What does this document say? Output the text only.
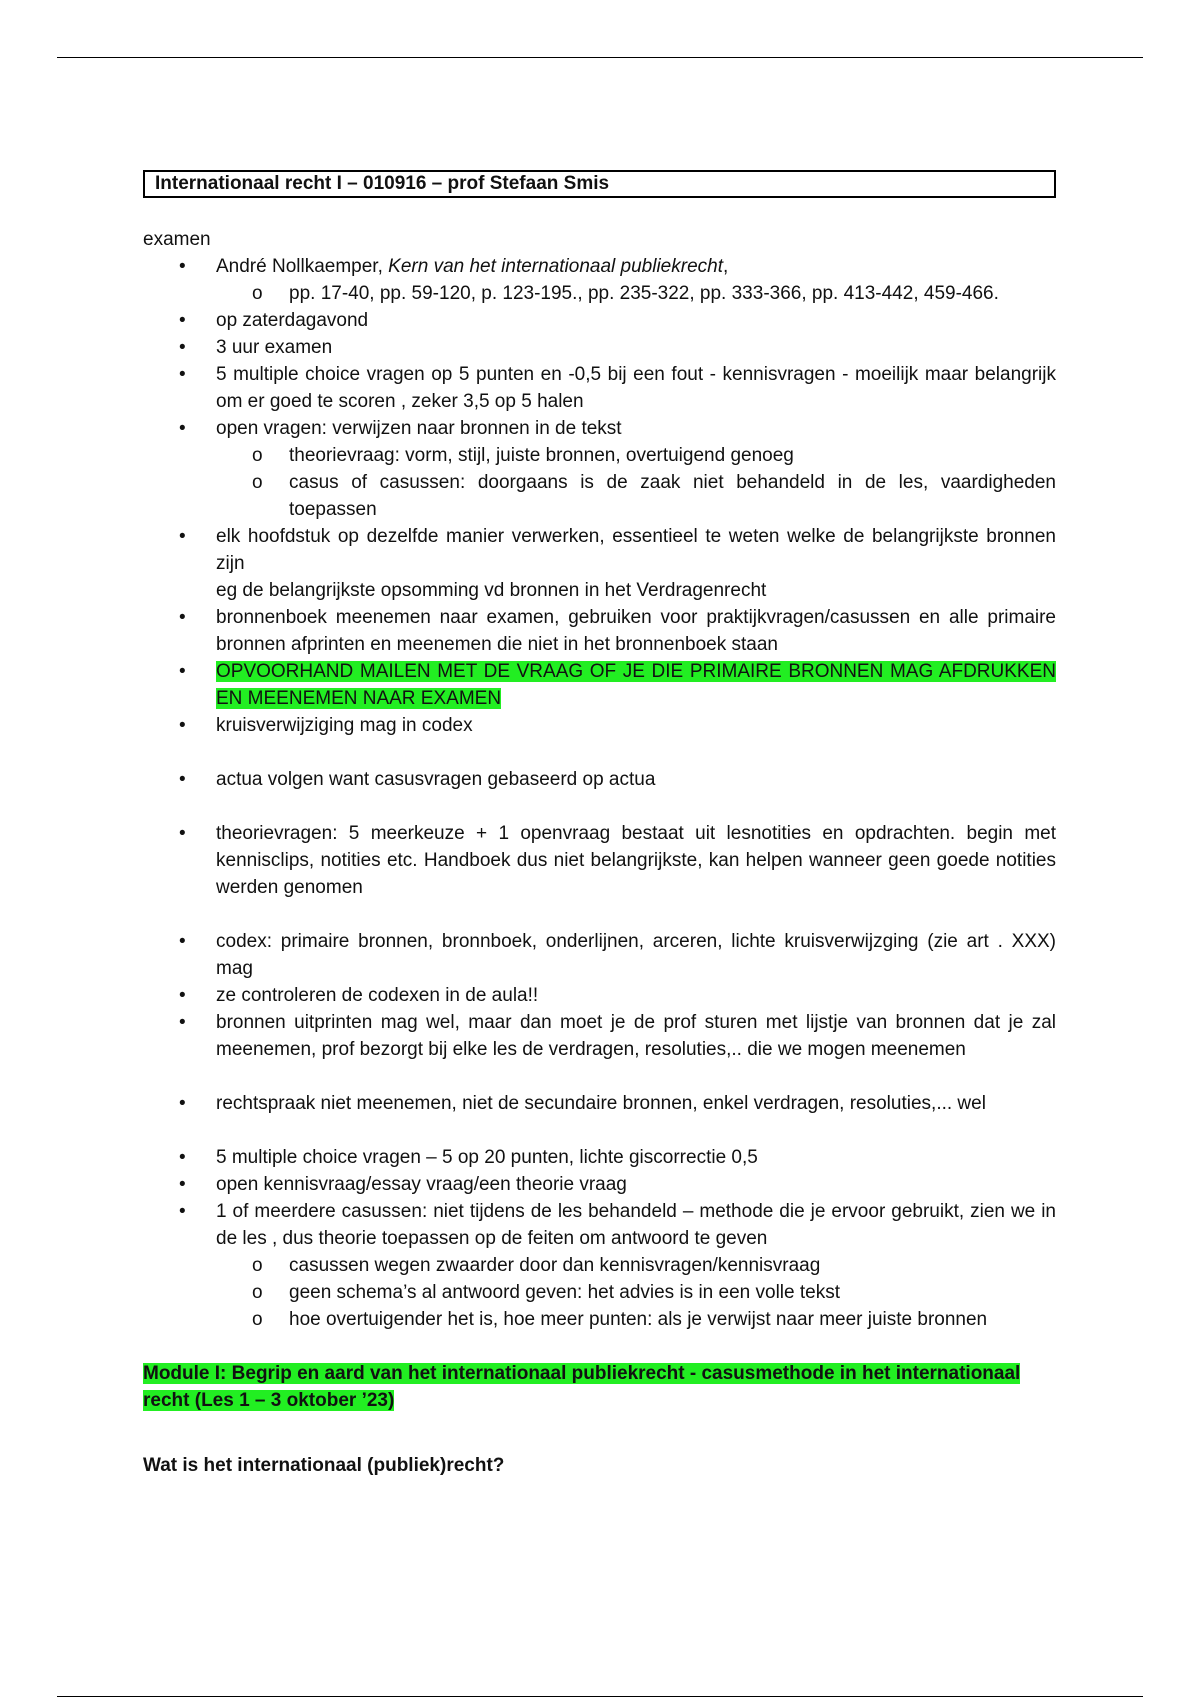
Internationaal recht I – 010916 – prof Stefaan Smis

examen

• André Nollkaemper, Kern van het internationaal publiekrecht,
o pp. 17-40, pp. 59-120, p. 123-195., pp. 235-322, pp. 333-366, pp. 413-442, 459-466.
• op zaterdagavond
• 3 uur examen
• 5 multiple choice vragen op 5 punten en -0,5 bij een fout - kennisvragen - moeilijk maar belangrijk om er goed te scoren , zeker 3,5 op 5 halen
• open vragen: verwijzen naar bronnen in de tekst
o theorievraag: vorm, stijl, juiste bronnen, overtuigend genoeg
o casus of casussen: doorgaans is de zaak niet behandeld in de les, vaardigheden toepassen
• elk hoofdstuk op dezelfde manier verwerken, essentieel te weten welke de belangrijkste bronnen zijn
eg de belangrijkste opsomming vd bronnen in het Verdragenrecht
• bronnenboek meenemen naar examen, gebruiken voor praktijkvragen/casussen en alle primaire bronnen afprinten en meenemen die niet in het bronnenboek staan
• OPVOORHAND MAILEN MET DE VRAAG OF JE DIE PRIMAIRE BRONNEN MAG AFDRUKKEN EN MEENEMEN NAAR EXAMEN
• kruisverwijziging mag in codex
• actua volgen want casusvragen gebaseerd op actua
• theorievragen: 5 meerkeuze + 1 openvraag bestaat uit lesnotities en opdrachten. begin met kennisclips, notities etc. Handboek dus niet belangrijkste, kan helpen wanneer geen goede notities werden genomen
• codex: primaire bronnen, bronnboek, onderlijnen, arceren, lichte kruisverwijzging (zie art . XXX) mag
• ze controleren de codexen in de aula!!
• bronnen uitprinten mag wel, maar dan moet je de prof sturen met lijstje van bronnen dat je zal meenemen, prof bezorgt bij elke les de verdragen, resoluties,.. die we mogen meenemen
• rechtspraak niet meenemen, niet de secundaire bronnen, enkel verdragen, resoluties,... wel
• 5 multiple choice vragen – 5 op 20 punten, lichte giscorrectie 0,5
• open kennisvraag/essay vraag/een theorie vraag
• 1 of meerdere casussen: niet tijdens de les behandeld – methode die je ervoor gebruikt, zien we in de les , dus theorie toepassen op de feiten om antwoord te geven
o casussen wegen zwaarder door dan kennisvragen/kennisvraag
o geen schema’s al antwoord geven: het advies is in een volle tekst
o hoe overtuigender het is, hoe meer punten: als je verwijst naar meer juiste bronnen

Module I: Begrip en aard van het internationaal publiekrecht - casusmethode in het internationaal recht (Les 1 – 3 oktober ’23)

Wat is het internationaal (publiek)recht?
